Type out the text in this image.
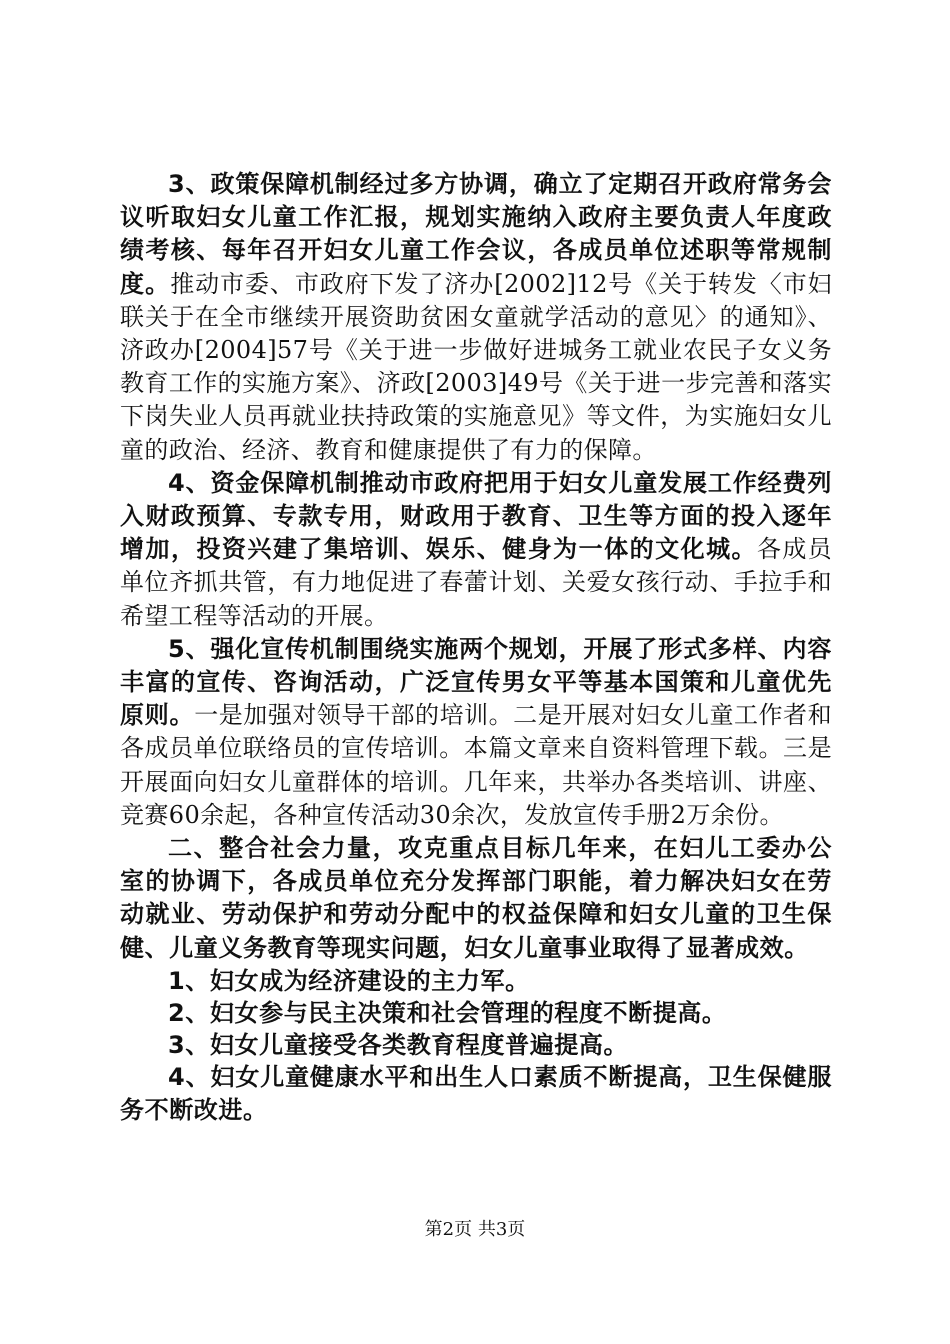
3、政策保障机制经过多方协调，确立了定期召开政府常务会议听取妇女儿童工作汇报，规划实施纳入政府主要负责人年度政绩考核、每年召开妇女儿童工作会议，各成员单位述职等常规制度。推动市委、市政府下发了济办[2002]12号《关于转发〈市妇联关于在全市继续开展资助贫困女童就学活动的意见〉的通知》、济政办[2004]57号《关于进一步做好进城务工就业农民子女义务教育工作的实施方案》、济政[2003]49号《关于进一步完善和落实下岗失业人员再就业扶持政策的实施意见》等文件，为实施妇女儿童的政治、经济、教育和健康提供了有力的保障。

4、资金保障机制推动市政府把用于妇女儿童发展工作经费列入财政预算、专款专用，财政用于教育、卫生等方面的投入逐年增加，投资兴建了集培训、娱乐、健身为一体的文化城。各成员单位齐抓共管，有力地促进了春蕾计划、关爱女孩行动、手拉手和希望工程等活动的开展。

5、强化宣传机制围绕实施两个规划，开展了形式多样、内容丰富的宣传、咨询活动，广泛宣传男女平等基本国策和儿童优先原则。一是加强对领导干部的培训。二是开展对妇女儿童工作者和各成员单位联络员的宣传培训。本篇文章来自资料管理下载。三是开展面向妇女儿童群体的培训。几年来，共举办各类培训、讲座、竞赛60余起，各种宣传活动30余次，发放宣传手册2万余份。

二、整合社会力量，攻克重点目标几年来，在妇儿工委办公室的协调下，各成员单位充分发挥部门职能，着力解决妇女在劳动就业、劳动保护和劳动分配中的权益保障和妇女儿童的卫生保健、儿童义务教育等现实问题，妇女儿童事业取得了显著成效。

1、妇女成为经济建设的主力军。

2、妇女参与民主决策和社会管理的程度不断提高。

3、妇女儿童接受各类教育程度普遍提高。

4、妇女儿童健康水平和出生人口素质不断提高，卫生保健服务不断改进。

第2页 共3页
